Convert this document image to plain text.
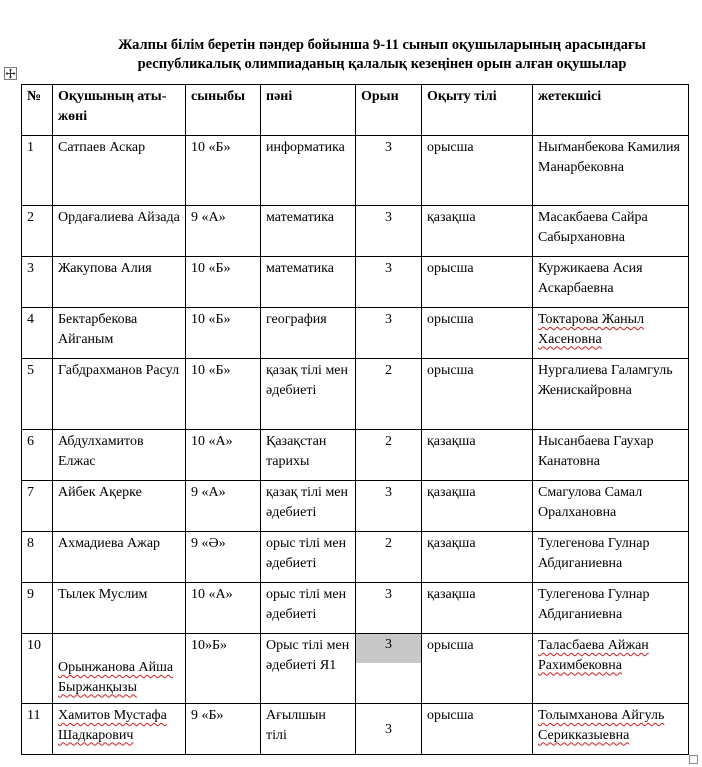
Жалпы білім беретін пәндер бойынша 9-11 сынып оқушыларының арасындағы
республикалық олимпиаданың қалалық кезеңінен орын алған оқушылар
№	Оқушының аты-жөні	сыныбы	пәні	Орын	Оқыту тілі	жетекшісі
1	Сатпаев Аскар	10 «Б»	информатика	3	орысша	Ныґманбекова Камилия Манарбековна
2	Ордағалиева Айзада	9 «А»	математика	3	қазақша	Масакбаева Сайра Сабырхановна
3	Жакупова Алия	10 «Б»	математика	3	орысша	Куржикаева Асия Аскарбаевна
4	Бектарбекова Айганым	10 «Б»	география	3	орысша	Токтарова Жаныл Хасеновна
5	Габдрахманов Расул	10 «Б»	қазақ тілі мен әдебиеті	2	орысша	Нургалиева Галамгуль Женискайровна
6	Абдулхамитов Елжас	10 «А»	Қазақстан тарихы	2	қазақша	Нысанбаева Гаухар Канатовна
7	Айбек Ақерке	9 «А»	қазақ тілі мен әдебиеті	3	қазақша	Смагулова Самал Оралхановна
8	Ахмадиева Ажар	9 «Ә»	орыс тілі мен әдебиеті	2	қазақша	Тулегенова Гулнар Абдиганиевна
9	Тылек Муслим	10 «А»	орыс тілі мен әдебиеті	3	қазақша	Тулегенова Гулнар Абдиганиевна
10	Орынжанова Айша Быржанқызы	10»Б»	Орыс тілі мен әдебиеті Я1	3	орысша	Таласбаева Айжан Рахимбековна
11	Хамитов Мустафа Шадкарович	9 «Б»	Ағылшын тілі	3	орысша	Толымханова Айгуль Серикказыевна
